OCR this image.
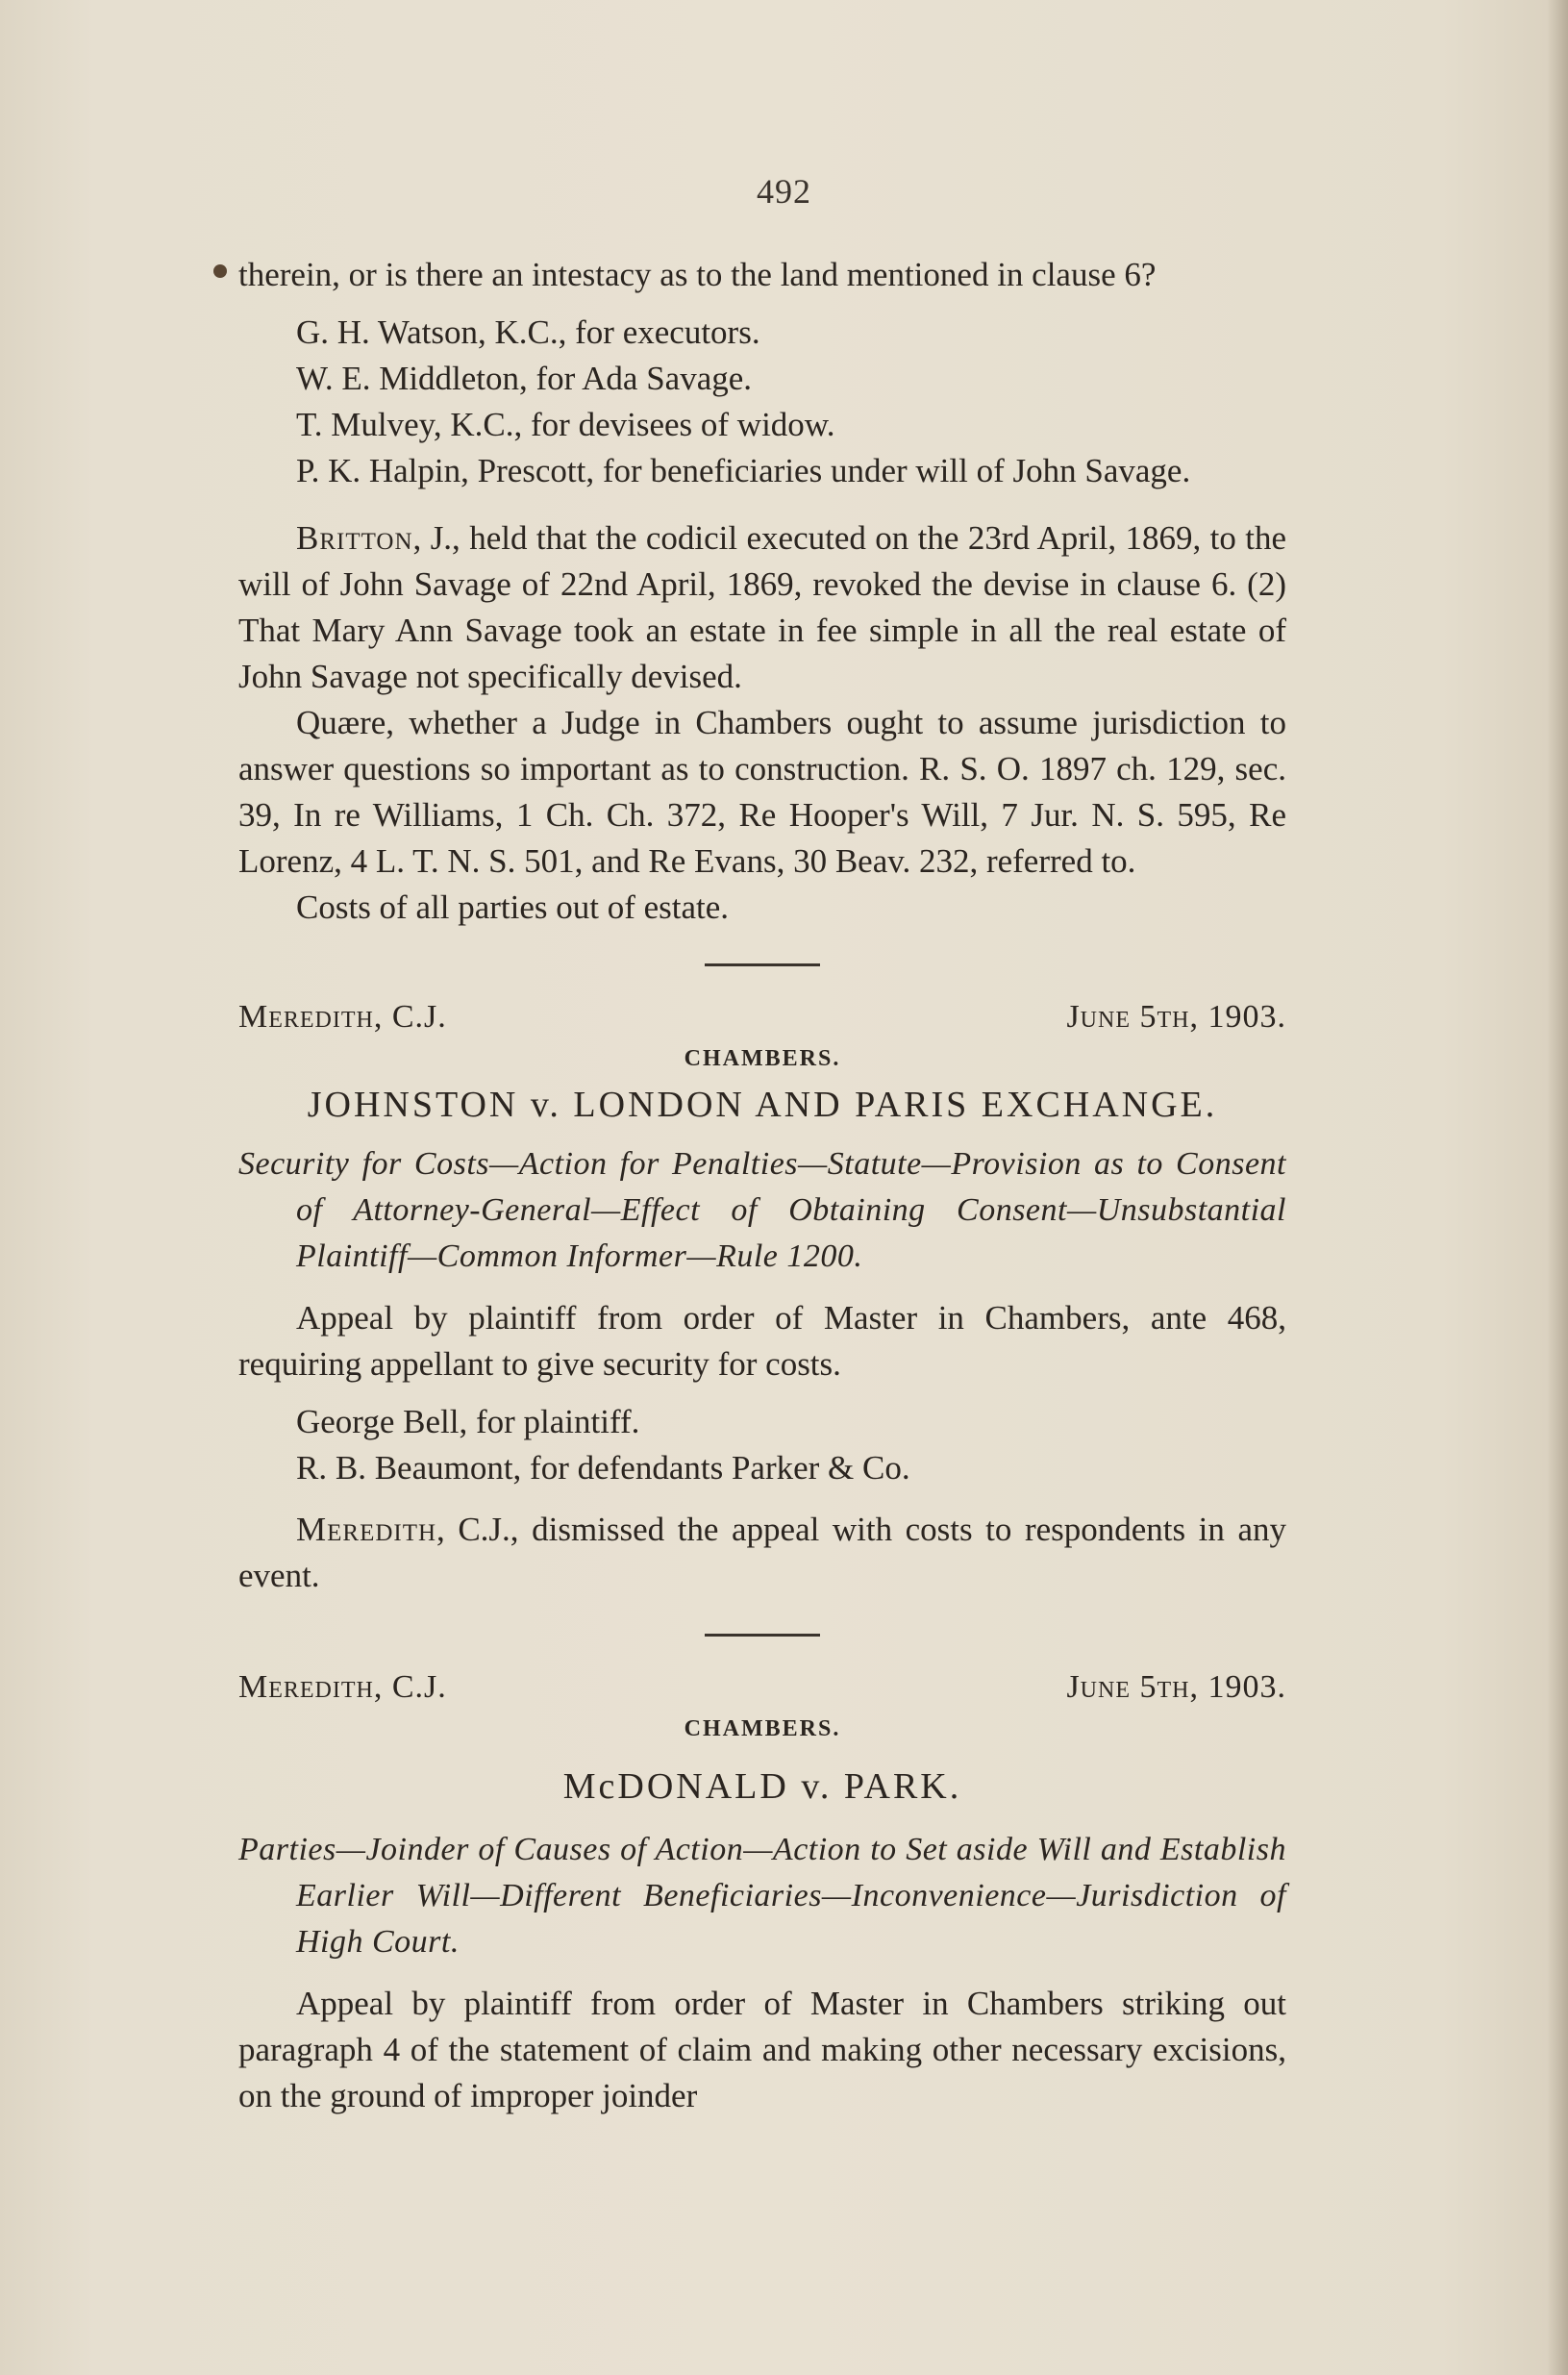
492

therein, or is there an intestacy as to the land mentioned in clause 6?

G. H. Watson, K.C., for executors.

W. E. Middleton, for Ada Savage.

T. Mulvey, K.C., for devisees of widow.

P. K. Halpin, Prescott, for beneficiaries under will of John Savage.

Britton, J., held that the codicil executed on the 23rd April, 1869, to the will of John Savage of 22nd April, 1869, revoked the devise in clause 6. (2) That Mary Ann Savage took an estate in fee simple in all the real estate of John Savage not specifically devised.

Quære, whether a Judge in Chambers ought to assume jurisdiction to answer questions so important as to construction. R. S. O. 1897 ch. 129, sec. 39, In re Williams, 1 Ch. Ch. 372, Re Hooper's Will, 7 Jur. N. S. 595, Re Lorenz, 4 L. T. N. S. 501, and Re Evans, 30 Beav. 232, referred to.

Costs of all parties out of estate.

Meredith, C.J.	June 5th, 1903.
CHAMBERS.
JOHNSTON v. LONDON AND PARIS EXCHANGE.

Security for Costs—Action for Penalties—Statute—Provision as to Consent of Attorney-General—Effect of Obtaining Consent—Unsubstantial Plaintiff—Common Informer—Rule 1200.

Appeal by plaintiff from order of Master in Chambers, ante 468, requiring appellant to give security for costs.

George Bell, for plaintiff.

R. B. Beaumont, for defendants Parker & Co.

Meredith, C.J., dismissed the appeal with costs to respondents in any event.

Meredith, C.J.	June 5th, 1903.
CHAMBERS.
McDONALD v. PARK.

Parties—Joinder of Causes of Action—Action to Set aside Will and Establish Earlier Will—Different Beneficiaries—Inconvenience—Jurisdiction of High Court.

Appeal by plaintiff from order of Master in Chambers striking out paragraph 4 of the statement of claim and making other necessary excisions, on the ground of improper joinder
